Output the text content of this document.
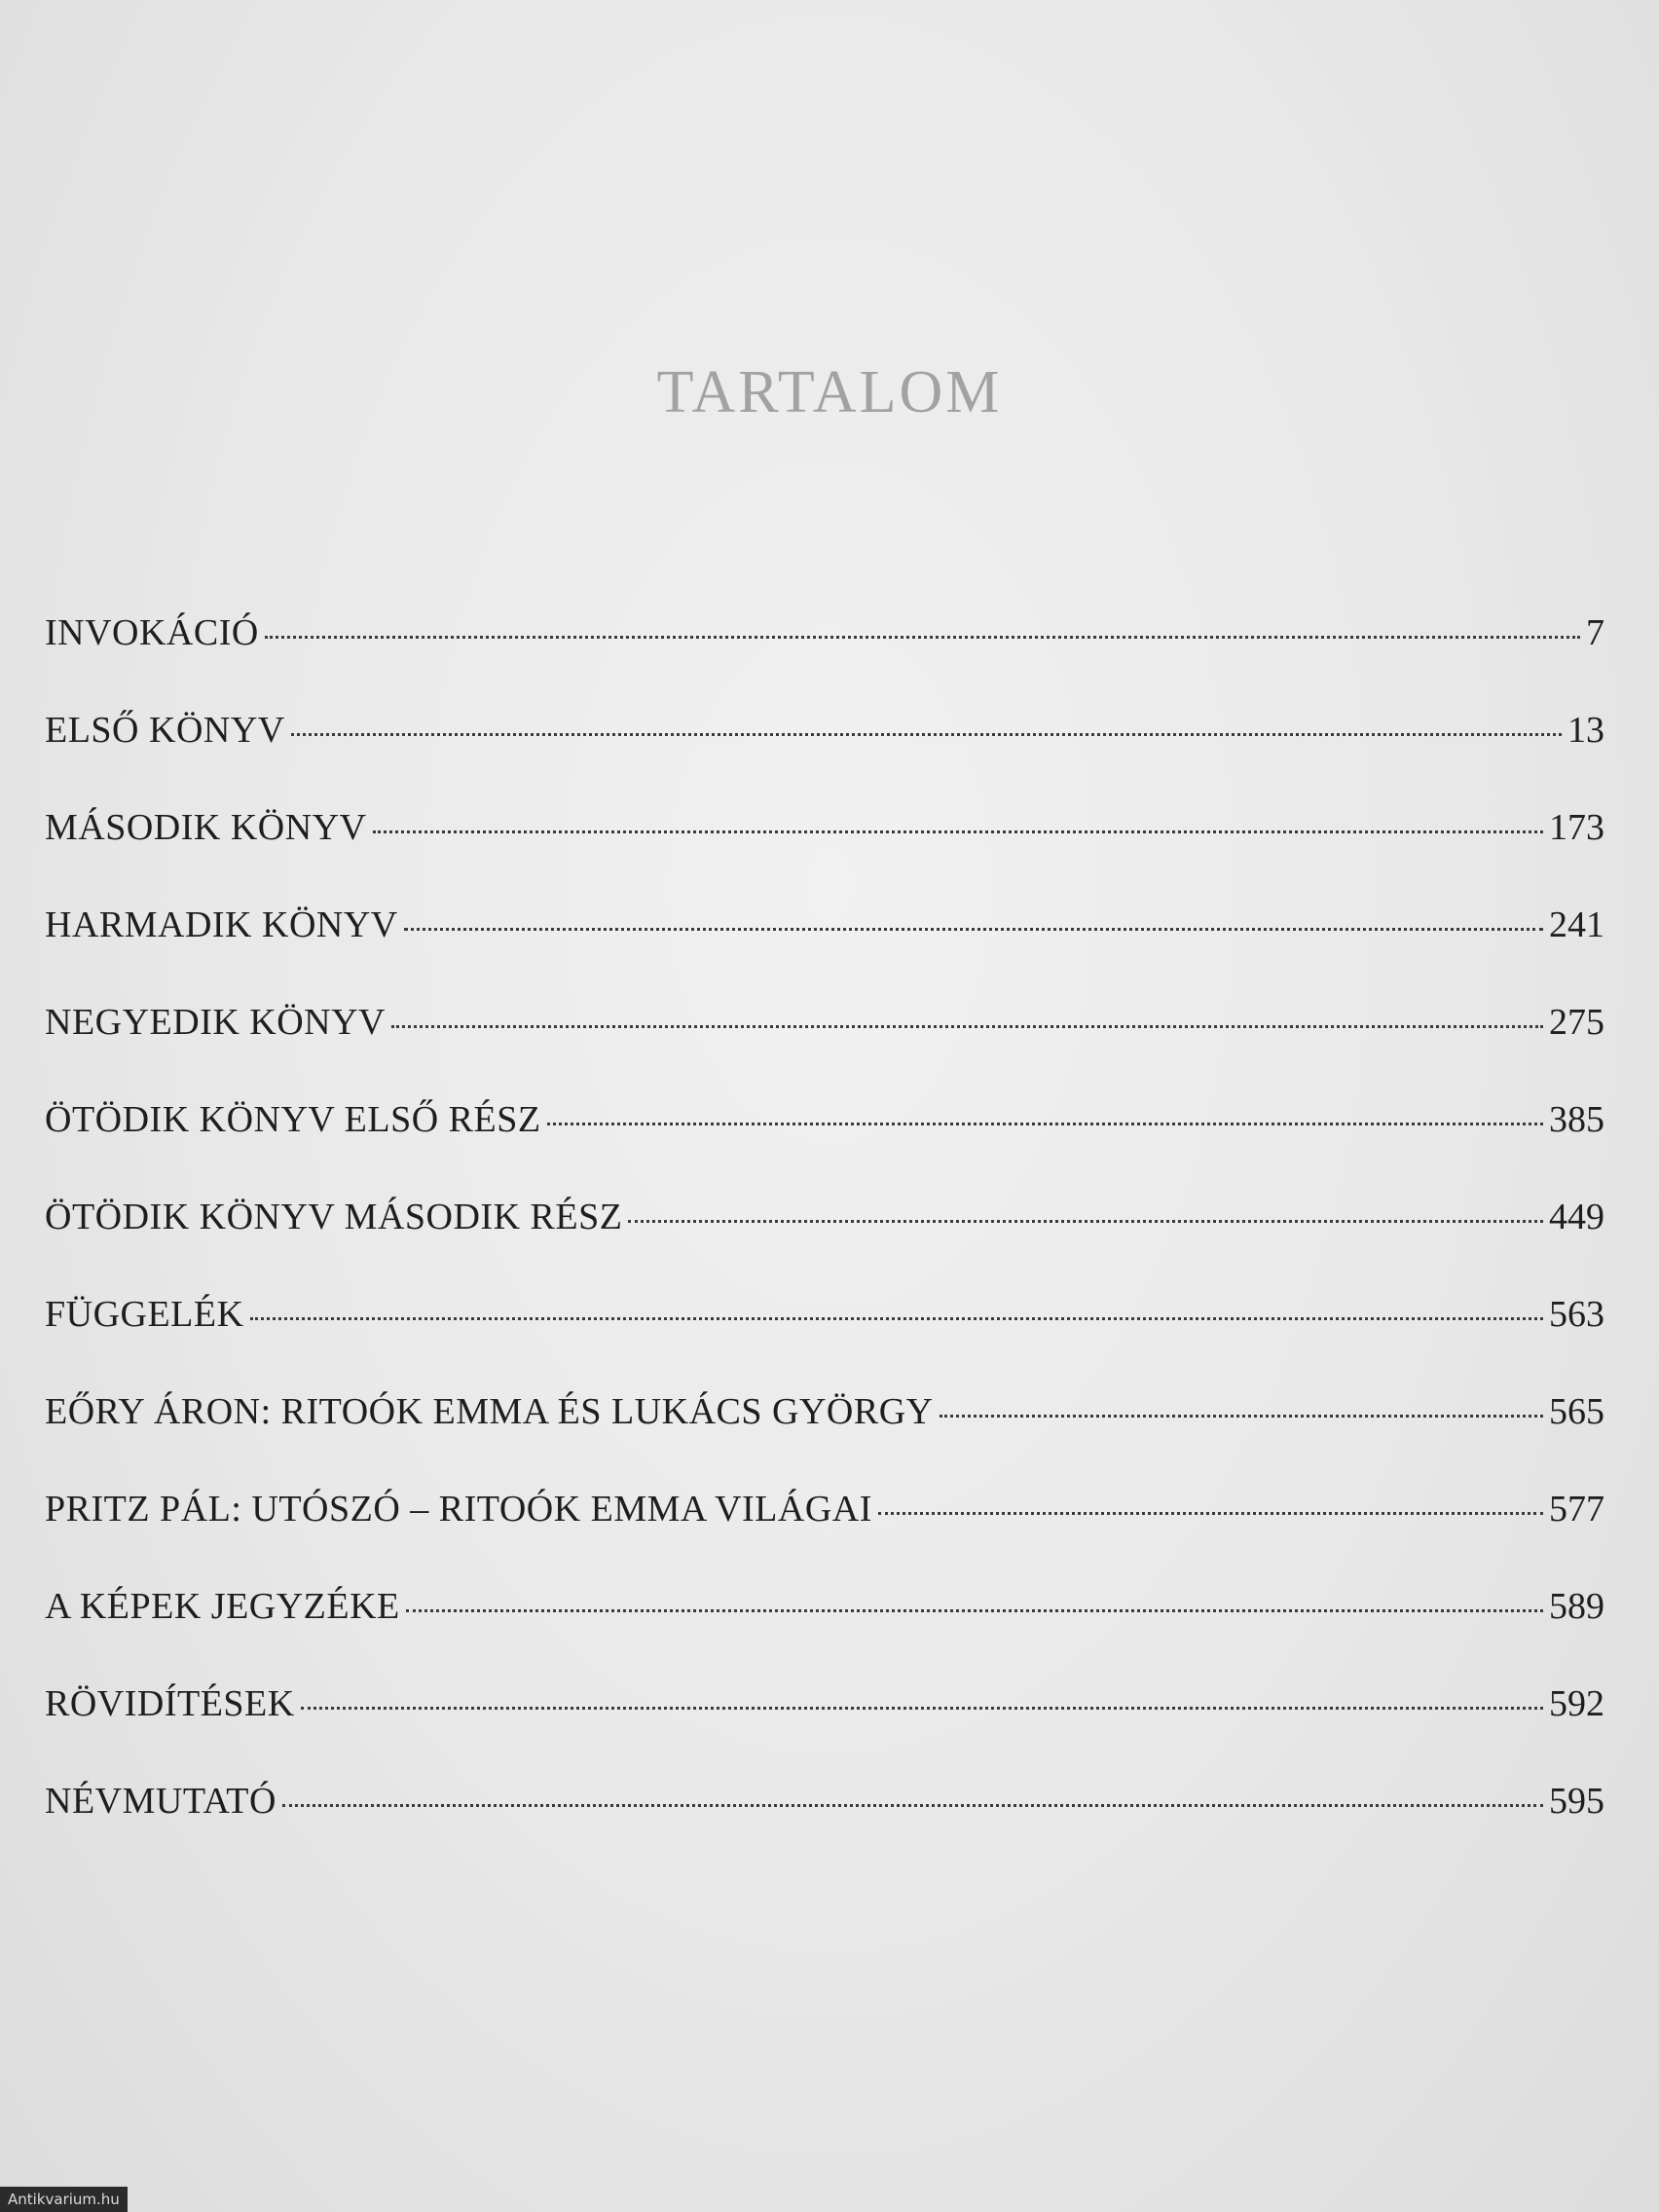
TARTALOM
INVOKÁCIÓ	7
ELSŐ KÖNYV	13
MÁSODIK KÖNYV	173
HARMADIK KÖNYV	241
NEGYEDIK KÖNYV	275
ÖTÖDIK KÖNYV ELSŐ RÉSZ	385
ÖTÖDIK KÖNYV MÁSODIK RÉSZ	449
FÜGGELÉK	563
EŐRY ÁRON: RITOÓK EMMA ÉS LUKÁCS GYÖRGY	565
PRITZ PÁL: UTÓSZÓ – RITOÓK EMMA VILÁGAI	577
A KÉPEK JEGYZÉKE	589
RÖVIDÍTÉSEK	592
NÉVMUTATÓ	595
Antikvarium.hu
